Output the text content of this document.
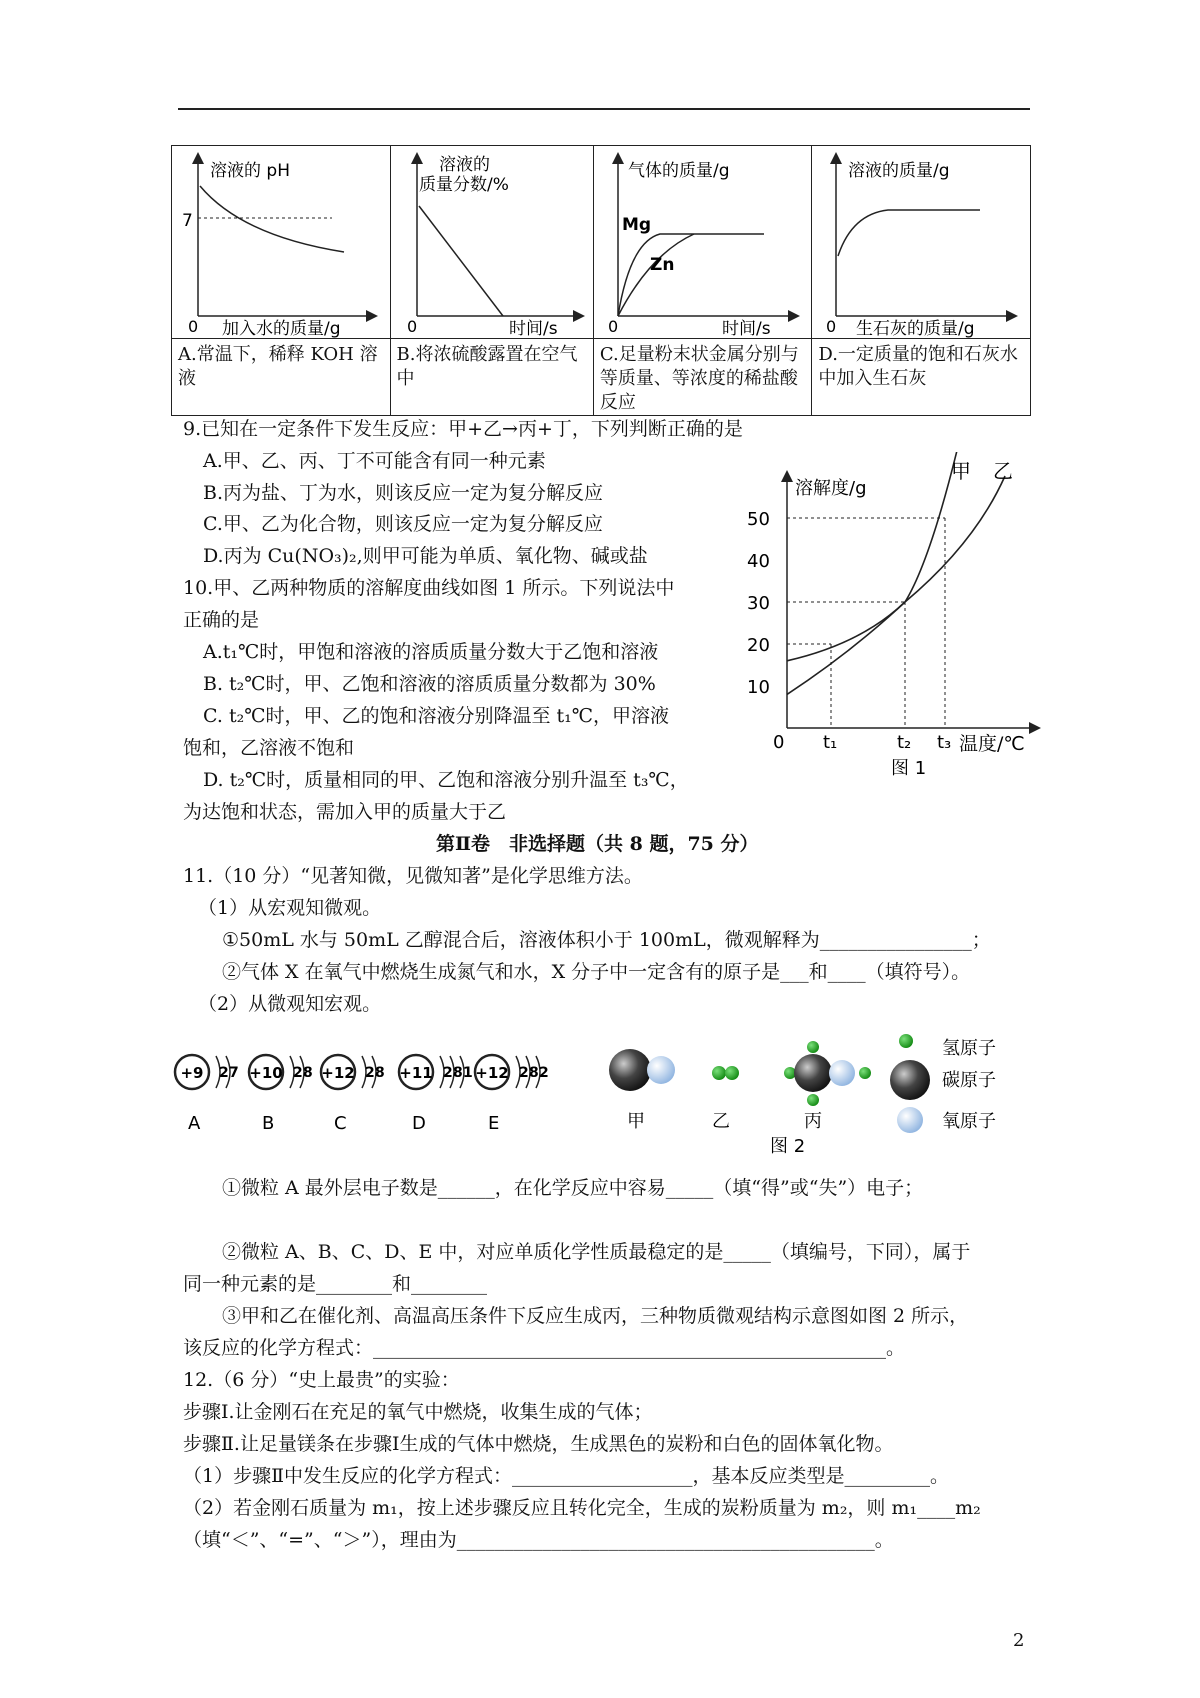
溶液的 pH
7
0 加入水的质量/g	溶液的
质量分数/%
0 时间/s	气体的质量/g
Mg
Zn
0 时间/s	溶液的质量/g
0 生石灰的质量/g

A.常温下，稀释 KOH 溶液	B.将浓硫酸露置在空气中	C.足量粉末状金属分别与等质量、等浓度的稀盐酸反应	D.一定质量的饱和石灰水中加入生石灰
9.已知在一定条件下发生反应：甲+乙→丙+丁，下列判断正确的是
A.甲、乙、丙、丁不可能含有同一种元素
B.丙为盐、丁为水，则该反应一定为复分解反应
C.甲、乙为化合物，则该反应一定为复分解反应
D.丙为 Cu(NO₃)₂,则甲可能为单质、氧化物、碱或盐
10.甲、乙两种物质的溶解度曲线如图 1 所示。下列说法中
正确的是
A.t₁℃时，甲饱和溶液的溶质质量分数大于乙饱和溶液
B. t₂℃时，甲、乙饱和溶液的溶质质量分数都为 30%
C. t₂℃时，甲、乙的饱和溶液分别降温至 t₁℃，甲溶液
饱和，乙溶液不饱和
D. t₂℃时，质量相同的甲、乙饱和溶液分别升温至 t₃℃，
为达饱和状态，需加入甲的质量大于乙
10
20
30
40
50
t₁	t₂ t₃
溶解度/g
0	温度/℃
甲 乙
图 1
第Ⅱ卷　非选择题（共 8 题，75 分）
11.（10 分）“见著知微，见微知著”是化学思维方法。
（1）从宏观知微观。
①50mL 水与 50mL 乙醇混合后，溶液体积小于 100mL，微观解释为________________；
②气体 X 在氧气中燃烧生成氮气和水，X 分子中一定含有的原子是___和____（填符号）。
（2）从微观知宏观。
+9 2 7
A
+10 2 8
B
+12 2 8
C
+11 2 8 1
D
+12 2 8 2
E	甲	乙	丙
图 2
氢原子
碳原子
氧原子
①微粒 A 最外层电子数是______，在化学反应中容易_____（填“得”或“失”）电子；
②微粒 A、B、C、D、E 中，对应单质化学性质最稳定的是_____（填编号，下同），属于
同一种元素的是________和________
③甲和乙在催化剂、高温高压条件下反应生成丙，三种物质微观结构示意图如图 2 所示，
该反应的化学方程式：______________________________________________________。
12.（6 分）“史上最贵”的实验：
步骤Ⅰ.让金刚石在充足的氧气中燃烧，收集生成的气体；
步骤Ⅱ.让足量镁条在步骤Ⅰ生成的气体中燃烧，生成黑色的炭粉和白色的固体氧化物。
（1）步骤Ⅱ中发生反应的化学方程式：___________________，基本反应类型是_________。
（2）若金刚石质量为 m₁，按上述步骤反应且转化完全，生成的炭粉质量为 m₂，则 m₁____m₂
（填“＜”、“=”、“＞”），理由为____________________________________________。
2
